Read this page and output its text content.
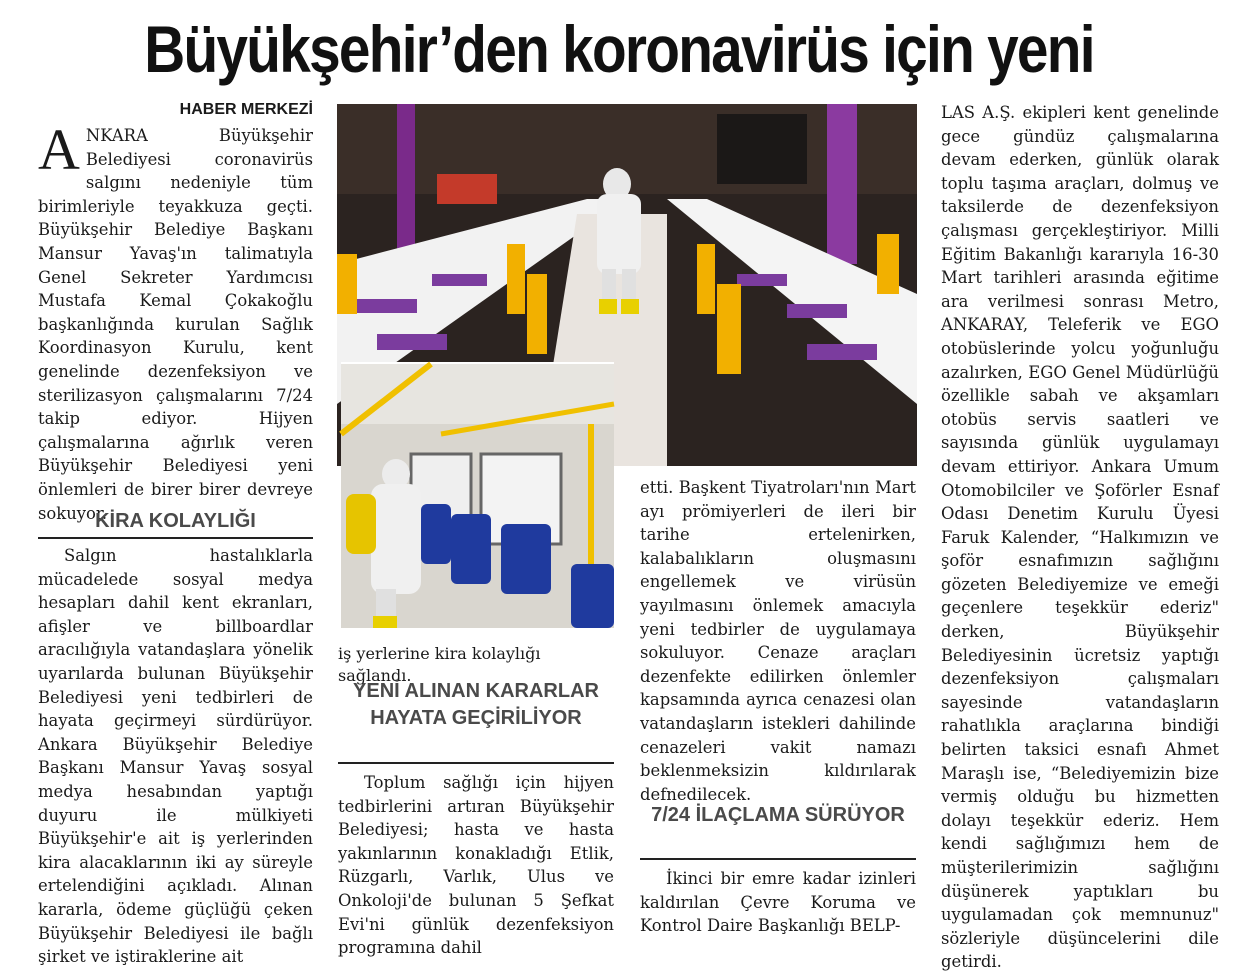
Büyükşehir’den koronavirüs için yeni
HABER MERKEZİ
A NKARA Büyükşehir Belediyesi coronavirüs salgını nedeniyle tüm birimleriyle teyakkuza geçti. Büyükşehir Belediye Başkanı Mansur Yavaş'ın talimatıyla Genel Sekreter Yardımcısı Mustafa Kemal Çokakoğlu başkanlığında kurulan Sağlık Koordinasyon Kurulu, kent genelinde dezenfeksiyon ve sterilizasyon çalışmalarını 7/24 takip ediyor. Hijyen çalışmalarına ağırlık veren Büyükşehir Belediyesi yeni önlemleri de birer birer devreye sokuyor.

KİRA KOLAYLIĞI

Salgın hastalıklarla mücadelede sosyal medya hesapları dahil kent ekranları, afişler ve billboardlar aracılığıyla vatandaşlara yönelik uyarılarda bulunan Büyükşehir Belediyesi yeni tedbirleri de hayata geçirmeyi sürdürüyor. Ankara Büyükşehir Belediye Başkanı Mansur Yavaş sosyal medya hesabından yaptığı duyuru ile mülkiyeti Büyükşehir'e ait iş yerlerinden kira alacaklarının iki ay süreyle ertelendiğini açıkladı. Alınan kararla, ödeme güçlüğü çeken Büyükşehir Belediyesi ile bağlı şirket ve iştiraklerine ait

iş yerlerine kira kolaylığı sağlandı.
YENİ ALINAN KARARLAR HAYATA GEÇİRİLİYOR

Toplum sağlığı için hijyen tedbirlerini artıran Büyükşehir Belediyesi; hasta ve hasta yakınlarının konakladığı Etlik, Rüzgarlı, Varlık, Ulus ve Onkoloji'de bulunan 5 Şefkat Evi'ni günlük dezenfeksiyon programına dahil

etti. Başkent Tiyatroları'nın Mart ayı prömiyerleri de ileri bir tarihe ertelenirken, kalabalıkların oluşmasını engellemek ve virüsün yayılmasını önlemek amacıyla yeni tedbirler de uygulamaya sokuluyor. Cenaze araçları dezenfekte edilirken önlemler kapsamında ayrıca cenazesi olan vatandaşların istekleri dahilinde cenazeleri vakit namazı beklenmeksizin kıldırılarak defnedilecek.

7/24 İLAÇLAMA SÜRÜYOR

İkinci bir emre kadar izinleri kaldırılan Çevre Koruma ve Kontrol Daire Başkanlığı BELP-

LAS A.Ş. ekipleri kent genelinde gece gündüz çalışmalarına devam ederken, günlük olarak toplu taşıma araçları, dolmuş ve taksilerde de dezenfeksiyon çalışması gerçekleştiriyor. Milli Eğitim Bakanlığı kararıyla 16-30 Mart tarihleri arasında eğitime ara verilmesi sonrası Metro, ANKARAY, Teleferik ve EGO otobüslerinde yolcu yoğunluğu azalırken, EGO Genel Müdürlüğü özellikle sabah ve akşamları otobüs servis saatleri ve sayısında günlük uygulamayı devam ettiriyor. Ankara Umum Otomobilciler ve Şoförler Esnaf Odası Denetim Kurulu Üyesi Faruk Kalender, “Halkımızın ve şoför esnafımızın sağlığını gözeten Belediyemize ve emeği geçenlere teşekkür ederiz" derken, Büyükşehir Belediyesinin ücretsiz yaptığı dezenfeksiyon çalışmaları sayesinde vatandaşların rahatlıkla araçlarına bindiği belirten taksici esnafı Ahmet Maraşlı ise, “Belediyemizin bize vermiş olduğu bu hizmetten dolayı teşekkür ederiz. Hem kendi sağlığımızı hem de müşterilerimizin sağlığını düşünerek yaptıkları bu uygulamadan çok memnunuz" sözleriyle düşüncelerini dile getirdi.
